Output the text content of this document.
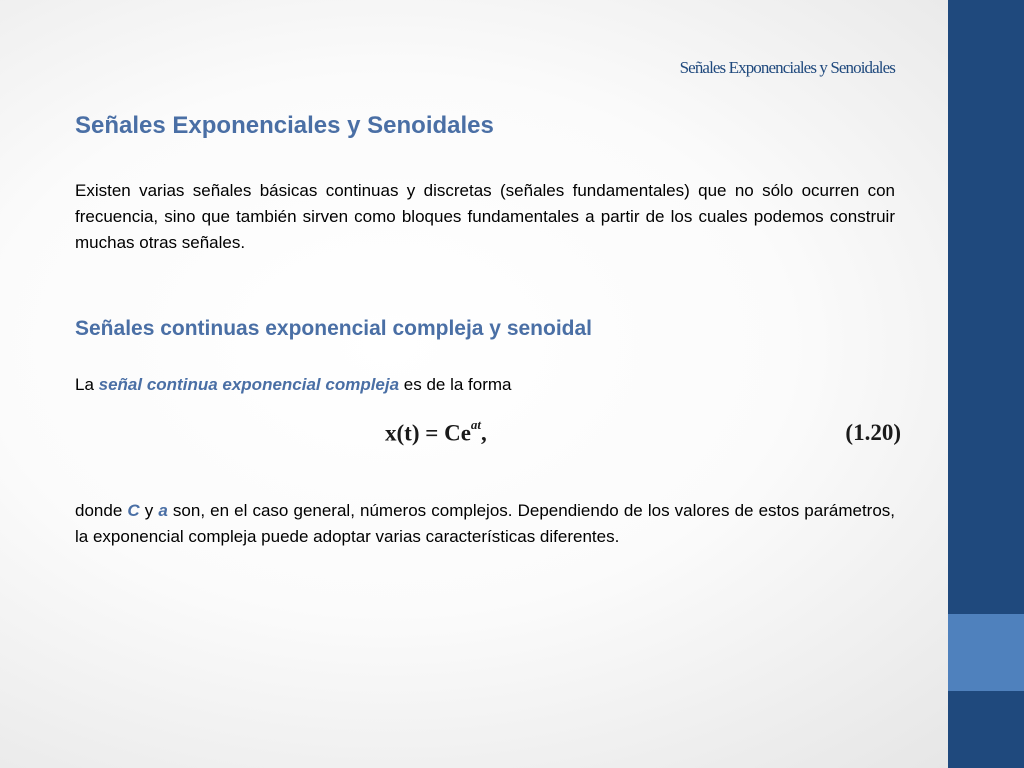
Señales Exponenciales y Senoidales
Señales Exponenciales y Senoidales

Existen varias señales básicas continuas y discretas (señales fundamentales) que no sólo ocurren con frecuencia, sino que también sirven como bloques fundamentales a partir de los cuales podemos construir muchas otras señales.

Señales continuas exponencial compleja y senoidal

La señal continua exponencial compleja es de la forma

$x(t) = Ce^{at}$,	(1.20)

donde C y a son, en el caso general, números complejos. Dependiendo de los valores de estos parámetros, la exponencial compleja puede adoptar varias características diferentes.
